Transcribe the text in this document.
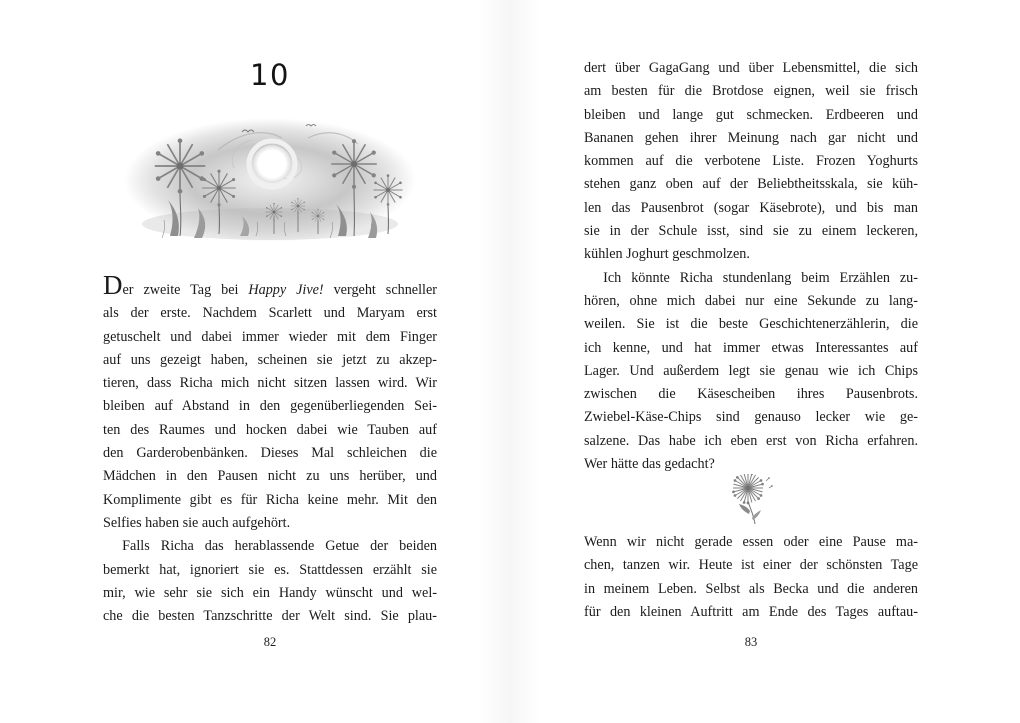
10
Der zweite Tag bei Happy Jive! vergeht schneller
als der erste. Nachdem Scarlett und Maryam erst
getuschelt und dabei immer wieder mit dem Finger
auf uns gezeigt haben, scheinen sie jetzt zu akzep-
tieren, dass Richa mich nicht sitzen lassen wird. Wir
bleiben auf Abstand in den gegenüberliegenden Sei-
ten des Raumes und hocken dabei wie Tauben auf
den Garderobenbänken. Dieses Mal schleichen die
Mädchen in den Pausen nicht zu uns herüber, und
Komplimente gibt es für Richa keine mehr. Mit den
Selfies haben sie auch aufgehört.
Falls Richa das herablassende Getue der beiden
bemerkt hat, ignoriert sie es. Stattdessen erzählt sie
mir, wie sehr sie sich ein Handy wünscht und wel-
che die besten Tanzschritte der Welt sind. Sie plau-
82
dert über GagaGang und über Lebensmittel, die sich
am besten für die Brotdose eignen, weil sie frisch
bleiben und lange gut schmecken. Erdbeeren und
Bananen gehen ihrer Meinung nach gar nicht und
kommen auf die verbotene Liste. Frozen Yoghurts
stehen ganz oben auf der Beliebtheitsskala, sie küh-
len das Pausenbrot (sogar Käsebrote), und bis man
sie in der Schule isst, sind sie zu einem leckeren,
kühlen Joghurt geschmolzen.
Ich könnte Richa stundenlang beim Erzählen zu-
hören, ohne mich dabei nur eine Sekunde zu lang-
weilen. Sie ist die beste Geschichtenerzählerin, die
ich kenne, und hat immer etwas Interessantes auf
Lager. Und außerdem legt sie genau wie ich Chips
zwischen die Käsescheiben ihres Pausenbrots.
Zwiebel-Käse-Chips sind genauso lecker wie ge-
salzene. Das habe ich eben erst von Richa erfahren.
Wer hätte das gedacht?
Wenn wir nicht gerade essen oder eine Pause ma-
chen, tanzen wir. Heute ist einer der schönsten Tage
in meinem Leben. Selbst als Becka und die anderen
für den kleinen Auftritt am Ende des Tages auftau-
83
